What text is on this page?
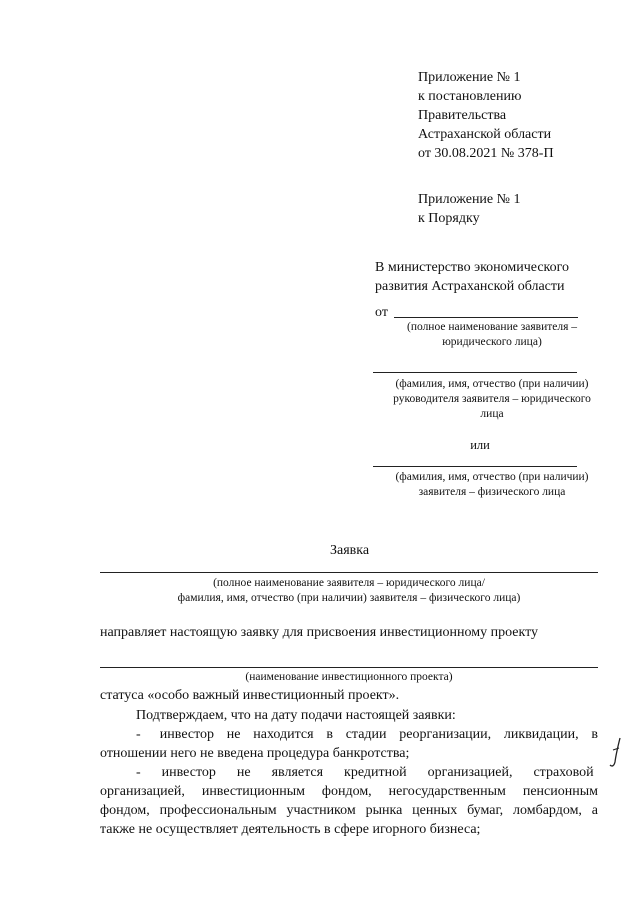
Приложение № 1
к постановлению
Правительства
Астраханской области
от 30.08.2021 № 378-П
Приложение № 1
к Порядку
В министерство экономического
развития Астраханской области
от
(полное наименование заявителя –
юридического лица)
(фамилия, имя, отчество (при наличии)
руководителя заявителя – юридического
лица
или
(фамилия, имя, отчество (при наличии)
заявителя – физического лица
Заявка
(полное наименование заявителя – юридического лица/
фамилия, имя, отчество (при наличии) заявителя – физического лица)
направляет настоящую заявку для присвоения инвестиционному проекту
(наименование инвестиционного проекта)
статуса «особо важный инвестиционный проект».
Подтверждаем, что на дату подачи настоящей заявки:
-   инвестор  не  находится  в  стадии  реорганизации,  ликвидации,  в
отношении него не введена процедура банкротства;
-      инвестор      не      является      кредитной      организацией,      страховой
организацией, инвестиционным фондом, негосударственным пенсионным
фондом, профессиональным участником рынка ценных бумаг, ломбардом, а
также не осуществляет деятельность в сфере игорного бизнеса;
